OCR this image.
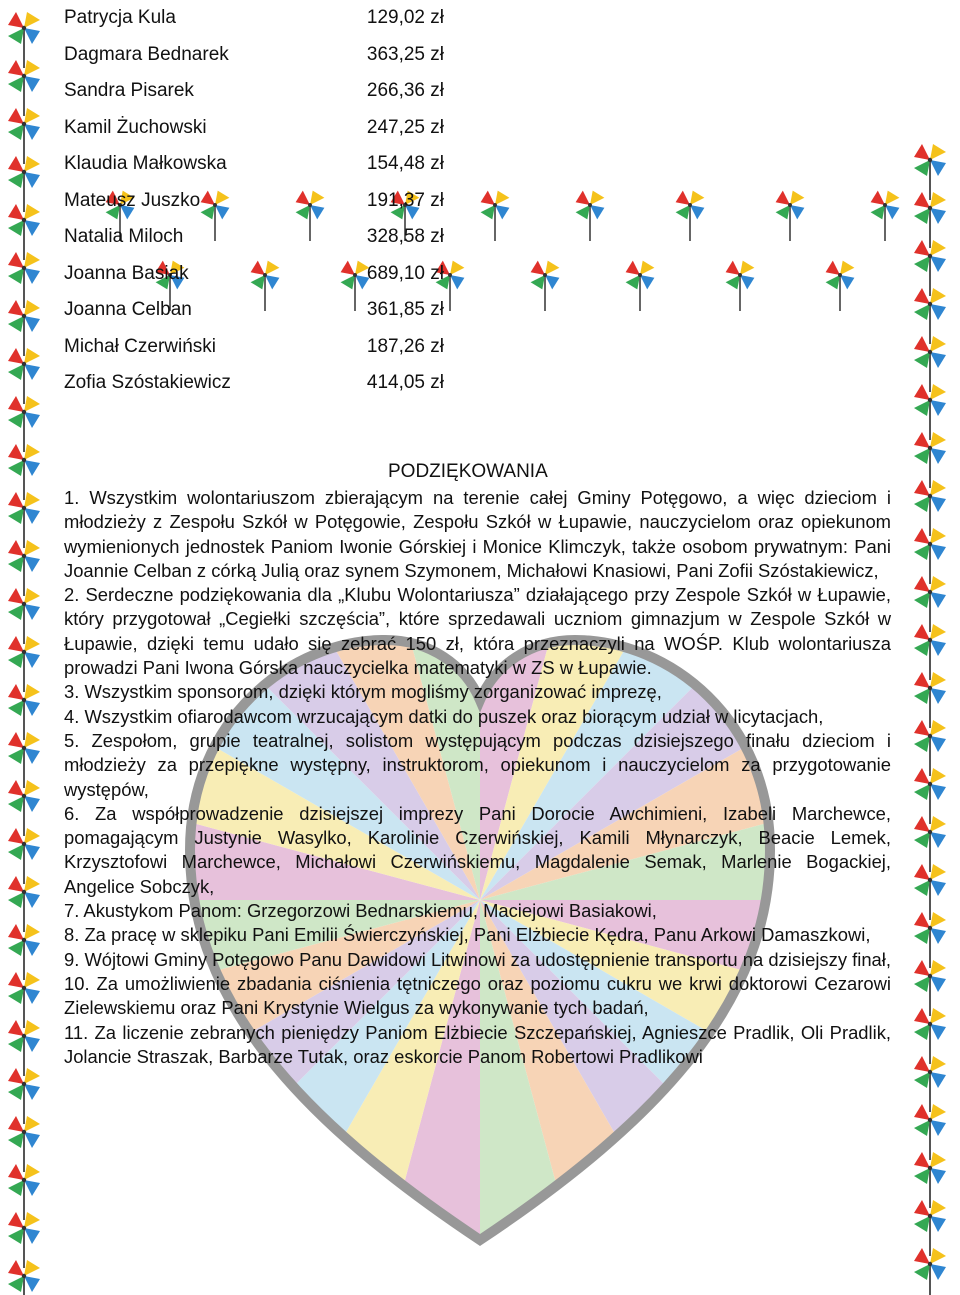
Patrycja Kula	129,02 zł
Dagmara Bednarek	363,25 zł
Sandra Pisarek	266,36 zł
Kamil Żuchowski	247,25 zł
Klaudia Małkowska	154,48 zł
Mateusz Juszko	191,37 zł
Natalia Miloch	328,58 zł
Joanna Basiak	689,10 zł
Joanna Celban	361,85 zł
Michał Czerwiński	187,26 zł
Zofia Szóstakiewicz	414,05 zł
PODZIĘKOWANIA

1. Wszystkim wolontariuszom zbierającym na terenie całej Gminy Potęgowo, a więc dzieciom i młodzieży z Zespołu Szkół w Potęgowie, Zespołu Szkół w Łupawie, nauczycielom oraz opiekunom wymienionych jednostek Paniom Iwonie Górskiej i Monice Klimczyk, także osobom prywatnym: Pani Joannie Celban z córką Julią oraz synem Szymonem, Michałowi Knasiowi, Pani Zofii Szóstakiewicz,

2. Serdeczne podziękowania dla „Klubu Wolontariusza” działającego przy Zespole Szkół w Łupawie, który przygotował „Cegiełki szczęścia”, które sprzedawali uczniom gimnazjum w Zespole Szkół w Łupawie, dzięki temu udało się zebrać 150 zł, która przeznaczyli na WOŚP. Klub wolontariusza prowadzi Pani Iwona Górska nauczycielka matematyki w ZS w Łupawie.

3. Wszystkim sponsorom, dzięki którym mogliśmy zorganizować imprezę,

4. Wszystkim ofiarodawcom wrzucającym datki do puszek oraz biorącym udział w licytacjach,

5. Zespołom, grupie teatralnej, solistom występującym podczas dzisiejszego finału dzieciom i młodzieży za przepiękne występny, instruktorom, opiekunom i nauczycielom za przygotowanie występów,

6. Za współprowadzenie dzisiejszej imprezy Pani Dorocie Awchimieni, Izabeli Marchewce, pomagającym Justynie Wasylko, Karolinie Czerwińskiej, Kamili Młynarczyk, Beacie Lemek, Krzysztofowi Marchewce, Michałowi Czerwińskiemu, Magdalenie Semak, Marlenie Bogackiej, Angelice Sobczyk,

7. Akustykom Panom: Grzegorzowi Bednarskiemu, Maciejowi Basiakowi,

8. Za pracę w sklepiku Pani Emilii Świerczyńskiej, Pani Elżbiecie Kędra, Panu Arkowi Damaszkowi,

9. Wójtowi Gminy Potęgowo Panu Dawidowi Litwinowi za udostępnienie transportu na dzisiejszy finał,

10. Za umożliwienie zbadania ciśnienia tętniczego oraz poziomu cukru we krwi doktorowi Cezarowi Zielewskiemu oraz Pani Krystynie Wielgus za wykonywanie tych badań,

11. Za liczenie zebranych pieniędzy Paniom Elżbiecie Szczepańskiej, Agnieszce Pradlik, Oli Pradlik, Jolancie Straszak, Barbarze Tutak, oraz eskorcie Panom Robertowi Pradlikowi
